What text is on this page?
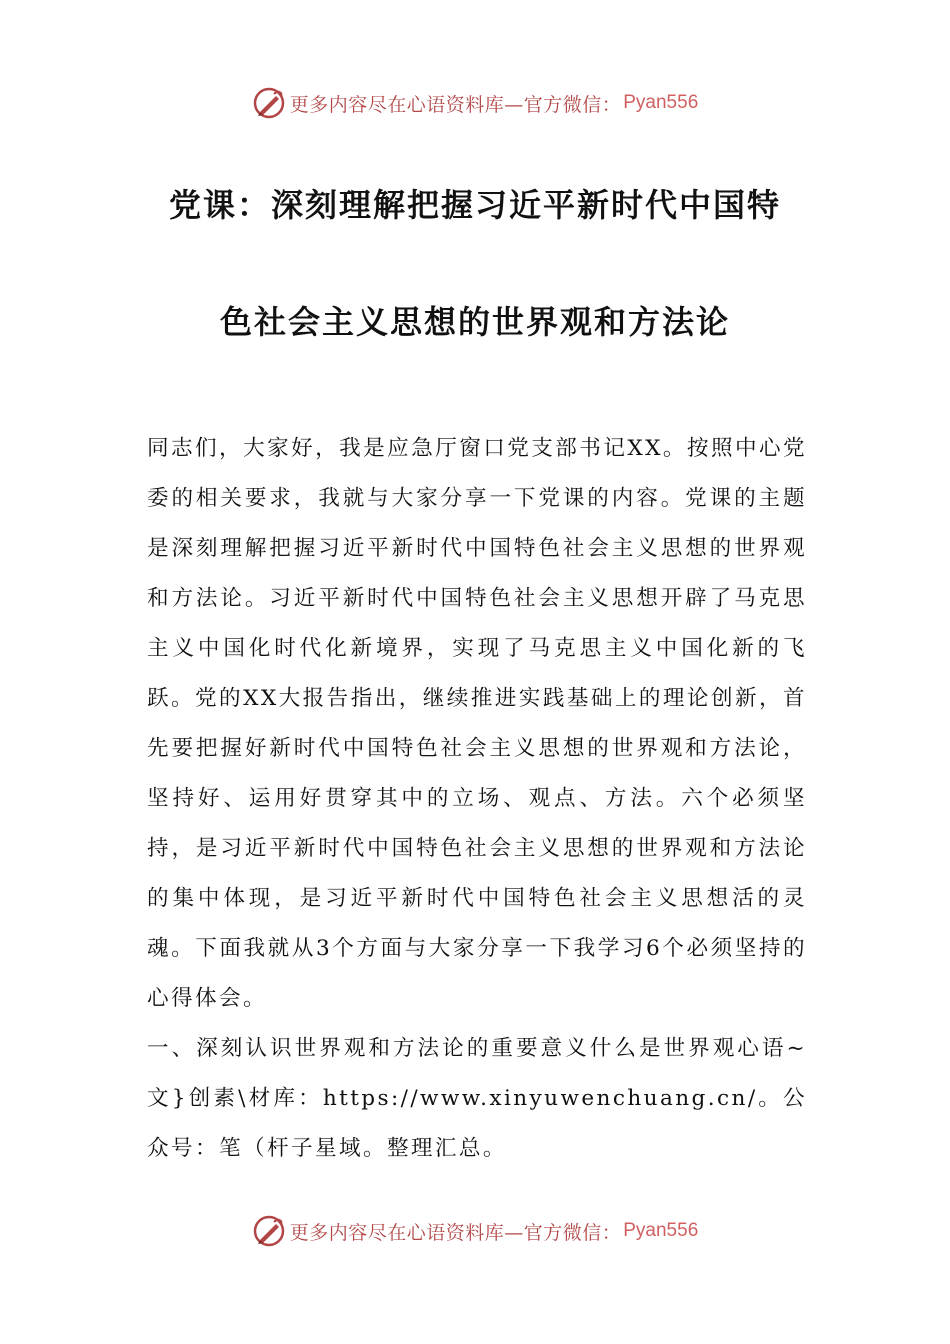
更多内容尽在心语资料库—官方微信： Pyan556
党课：深刻理解把握习近平新时代中国特
色社会主义思想的世界观和方法论

同志们，大家好，我是应急厅窗口党支部书记XX。按照中心党委的相关要求，我就与大家分享一下党课的内容。党课的主题是深刻理解把握习近平新时代中国特色社会主义思想的世界观和方法论。习近平新时代中国特色社会主义思想开辟了马克思主义中国化时代化新境界，实现了马克思主义中国化新的飞跃。党的XX大报告指出，继续推进实践基础上的理论创新，首先要把握好新时代中国特色社会主义思想的世界观和方法论，坚持好、运用好贯穿其中的立场、观点、方法。六个必须坚持，是习近平新时代中国特色社会主义思想的世界观和方法论的集中体现，是习近平新时代中国特色社会主义思想活的灵魂。下面我就从3个方面与大家分享一下我学习6个必须坚持的心得体会。

一、深刻认识世界观和方法论的重要意义什么是世界观心语~文}创素\材库：https://www.xinyuwenchuang.cn/。公众号：笔（杆子星域。整理汇总。

更多内容尽在心语资料库—官方微信： Pyan556
